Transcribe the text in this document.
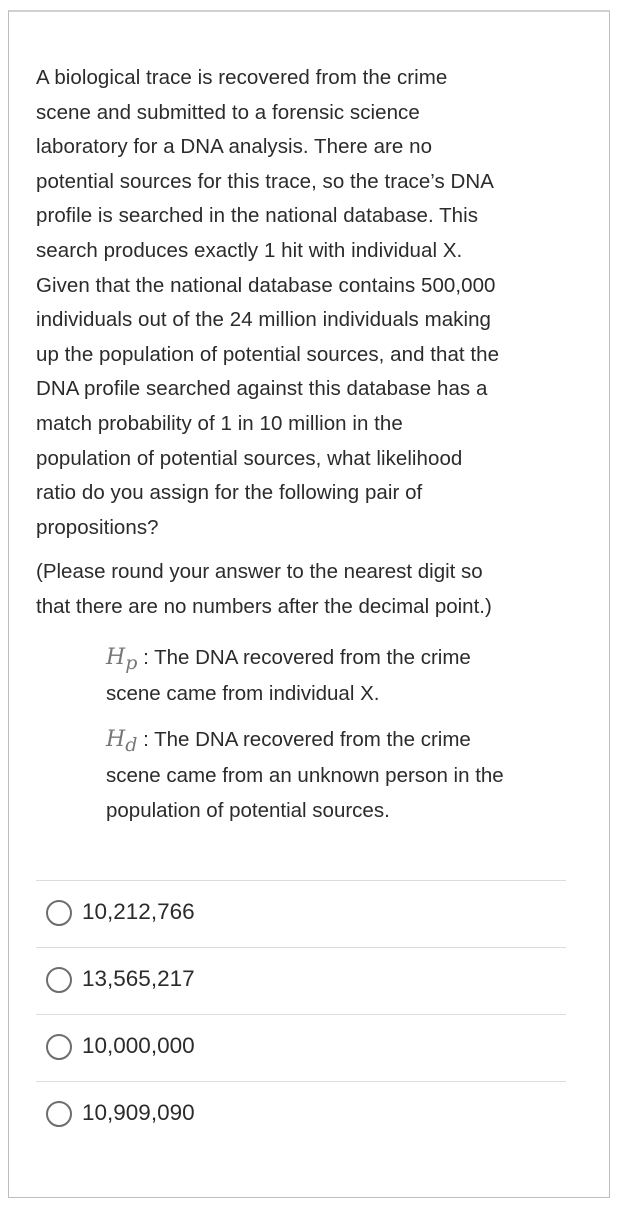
A biological trace is recovered from the crime
scene and submitted to a forensic science
laboratory for a DNA analysis. There are no
potential sources for this trace, so the trace’s DNA
profile is searched in the national database. This
search produces exactly 1 hit with individual X.
Given that the national database contains 500,000
individuals out of the 24 million individuals making
up the population of potential sources, and that the
DNA profile searched against this database has a
match probability of 1 in 10 million in the
population of potential sources, what likelihood
ratio do you assign for the following pair of
propositions?
(Please round your answer to the nearest digit so
that there are no numbers after the decimal point.)
Hp : The DNA recovered from the crime
scene came from individual X.
Hd : The DNA recovered from the crime
scene came from an unknown person in the
population of potential sources.
10,212,766
13,565,217
10,000,000
10,909,090
